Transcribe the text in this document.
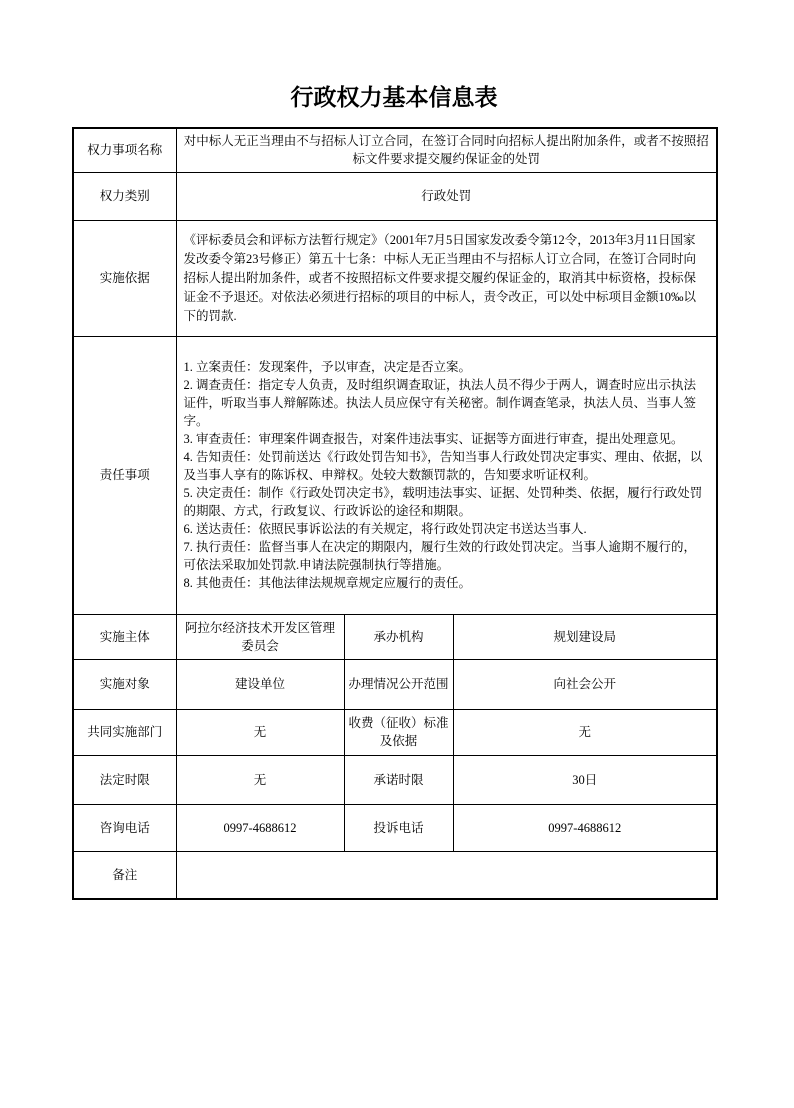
行政权力基本信息表
权力事项名称	对中标人无正当理由不与招标人订立合同，在签订合同时向招标人提出附加条件，或者不按照招标文件要求提交履约保证金的处罚		
权力类别	行政处罚		
实施依据	《评标委员会和评标方法暂行规定》（2001年7月5日国家发改委令第12令，2013年3月11日国家发改委令第23号修正）第五十七条：中标人无正当理由不与招标人订立合同，在签订合同时向招标人提出附加条件，或者不按照招标文件要求提交履约保证金的，取消其中标资格，投标保证金不予退还。对依法必须进行招标的项目的中标人，责令改正，可以处中标项目金额10‰以下的罚款.		
责任事项	
1. 立案责任：发现案件，予以审查，决定是否立案。
2. 调查责任：指定专人负责，及时组织调查取证，执法人员不得少于两人，调查时应出示执法证件，听取当事人辩解陈述。执法人员应保守有关秘密。制作调查笔录，执法人员、当事人签字。
3. 审查责任：审理案件调查报告，对案件违法事实、证据等方面进行审查，提出处理意见。
4. 告知责任：处罚前送达《行政处罚告知书》，告知当事人行政处罚决定事实、理由、依据，以及当事人享有的陈诉权、申辩权。处较大数额罚款的，告知要求听证权利。
5. 决定责任：制作《行政处罚决定书》，载明违法事实、证据、处罚种类、依据，履行行政处罚的期限、方式，行政复议、行政诉讼的途径和期限。
6. 送达责任：依照民事诉讼法的有关规定，将行政处罚决定书送达当事人.
7. 执行责任：监督当事人在决定的期限内，履行生效的行政处罚决定。当事人逾期不履行的，可依法采取加处罚款.申请法院强制执行等措施。
8. 其他责任：其他法律法规规章规定应履行的责任。

实施主体	阿拉尔经济技术开发区管理委员会	承办机构	规划建设局
实施对象	建设单位	办理情况公开范围	向社会公开
共同实施部门	无	收费（征收）标准及依据	无
法定时限	无	承诺时限	30日
咨询电话	0997-4688612	投诉电话	0997-4688612
备注			
